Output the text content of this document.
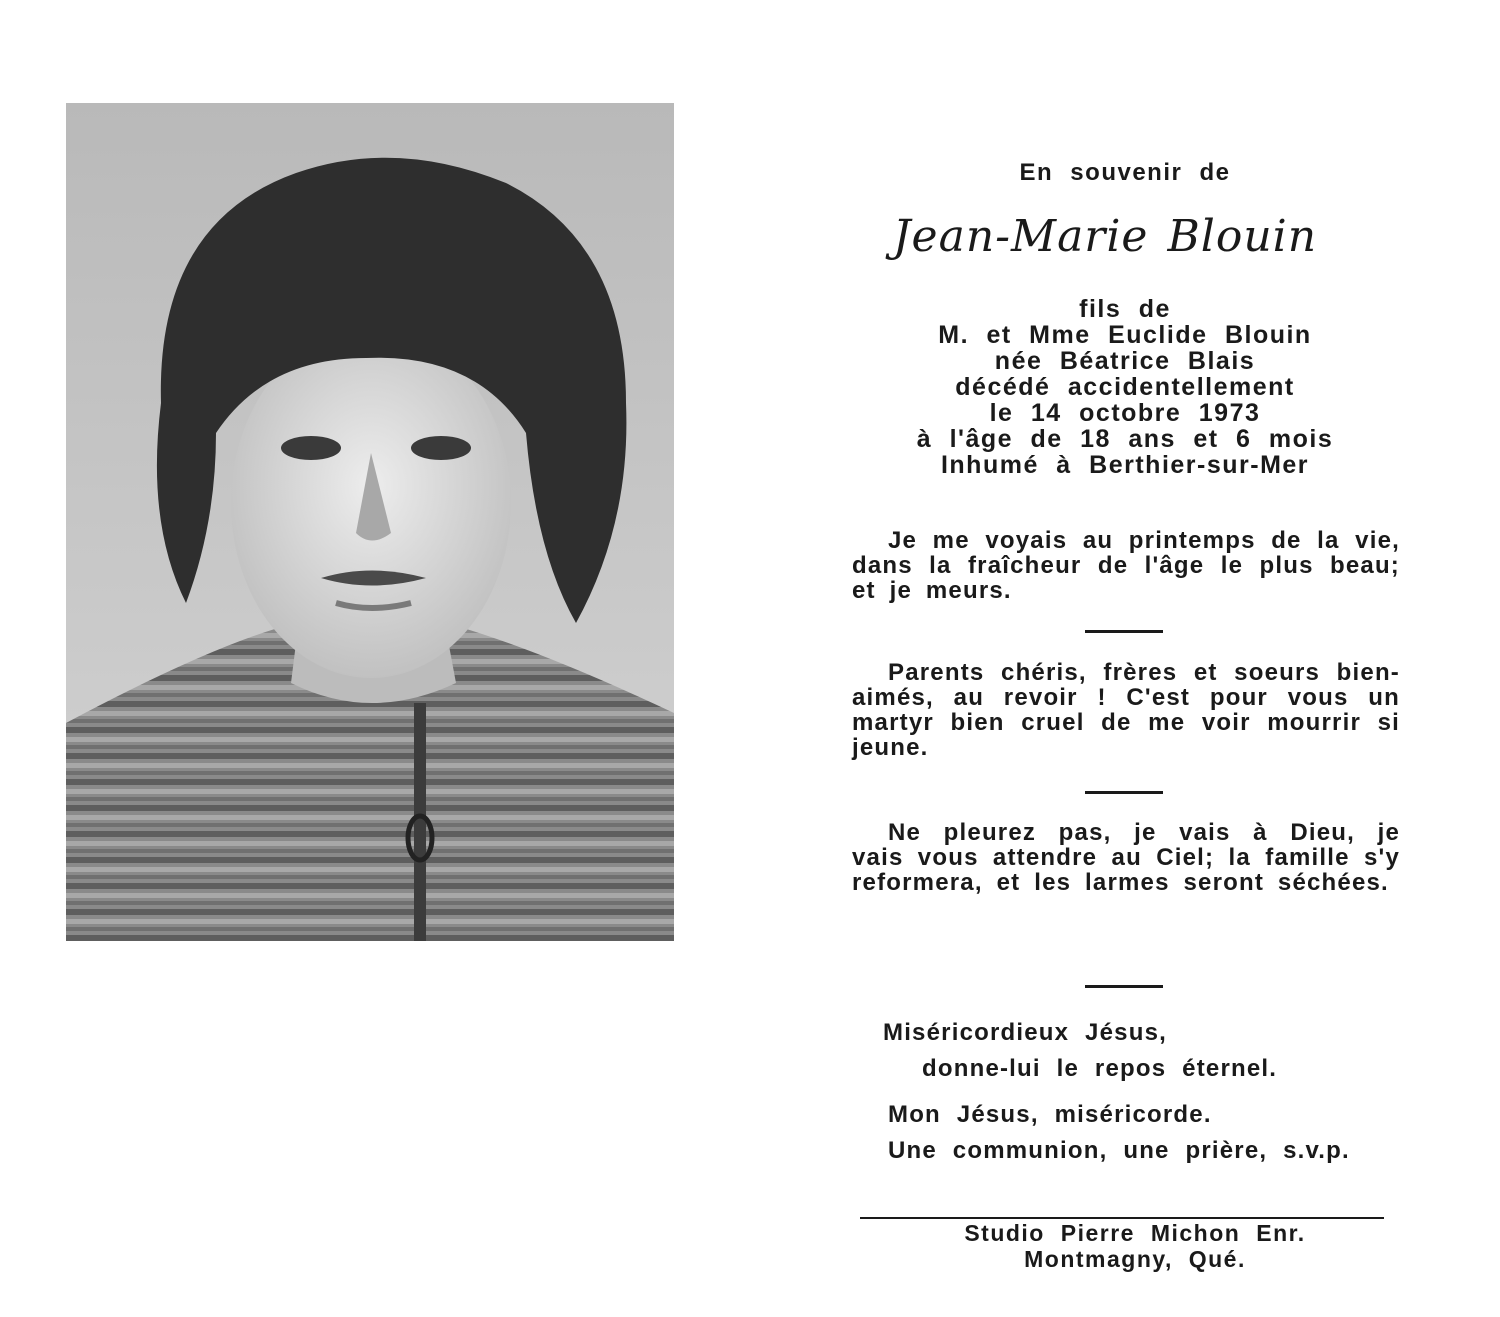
En souvenir de
Jean-Marie Blouin
fils de
M. et Mme Euclide Blouin
née Béatrice Blais
décédé accidentellement
le 14 octobre 1973
à l'âge de 18 ans et 6 mois
Inhumé à Berthier-sur-Mer
Je me voyais au printemps de la vie, dans la fraîcheur de l'âge le plus beau; et je meurs.
Parents chéris, frères et soeurs bien-aimés, au revoir ! C'est pour vous un martyr bien cruel de me voir mourrir si jeune.
Ne pleurez pas, je vais à Dieu, je vais vous attendre au Ciel; la famille s'y reformera, et les larmes seront séchées.
Miséricordieux Jésus,
donne-lui le repos éternel.
Mon Jésus, miséricorde.
Une communion, une prière, s.v.p.
Studio Pierre Michon Enr.
Montmagny, Qué.
